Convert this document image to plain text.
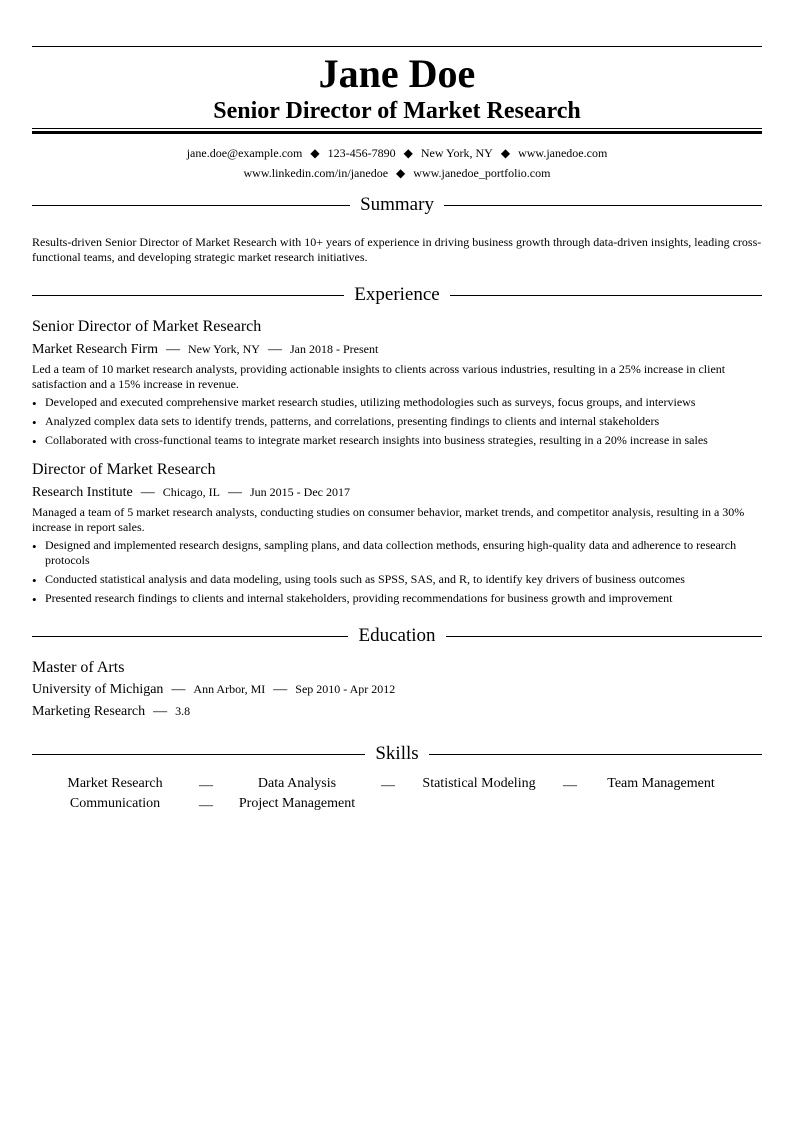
Jane Doe
Senior Director of Market Research
jane.doe@example.com ◆ 123-456-7890 ◆ New York, NY ◆ www.janedoe.com
www.linkedin.com/in/janedoe ◆ www.janedoe_portfolio.com
Summary
Results-driven Senior Director of Market Research with 10+ years of experience in driving business growth through data-driven insights, leading cross-functional teams, and developing strategic market research initiatives.
Experience
Senior Director of Market Research
Market Research Firm — New York, NY — Jan 2018 - Present
Led a team of 10 market research analysts, providing actionable insights to clients across various industries, resulting in a 25% increase in client satisfaction and a 15% increase in revenue.
• Developed and executed comprehensive market research studies, utilizing methodologies such as surveys, focus groups, and interviews
• Analyzed complex data sets to identify trends, patterns, and correlations, presenting findings to clients and internal stakeholders
• Collaborated with cross-functional teams to integrate market research insights into business strategies, resulting in a 20% increase in sales
Director of Market Research
Research Institute — Chicago, IL — Jun 2015 - Dec 2017
Managed a team of 5 market research analysts, conducting studies on consumer behavior, market trends, and competitor analysis, resulting in a 30% increase in report sales.
• Designed and implemented research designs, sampling plans, and data collection methods, ensuring high-quality data and adherence to research protocols
• Conducted statistical analysis and data modeling, using tools such as SPSS, SAS, and R, to identify key drivers of business outcomes
• Presented research findings to clients and internal stakeholders, providing recommendations for business growth and improvement
Education
Master of Arts
University of Michigan — Ann Arbor, MI — Sep 2010 - Apr 2012
Marketing Research — 3.8
Skills
Market Research	—	Data Analysis	—	Statistical Modeling	—	Team Management
Communication	—	Project Management
